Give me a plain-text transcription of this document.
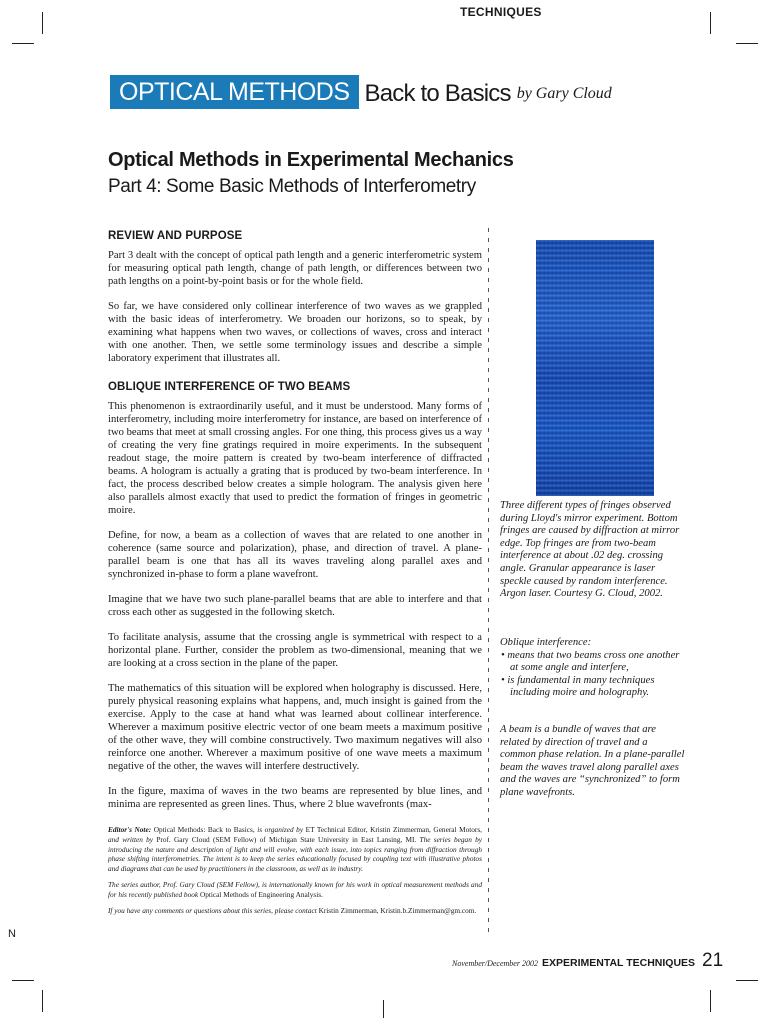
TECHNIQUES
OPTICAL METHODS Back to Basics by Gary Cloud
Optical Methods in Experimental Mechanics
Part 4: Some Basic Methods of Interferometry
REVIEW AND PURPOSE

Part 3 dealt with the concept of optical path length and a generic interferometric system for measuring optical path length, change of path length, or differences between two path lengths on a point-by-point basis or for the whole field.

So far, we have considered only collinear interference of two waves as we grappled with the basic ideas of interferometry. We broaden our horizons, so to speak, by examining what happens when two waves, or collections of waves, cross and interact with one another. Then, we settle some terminology issues and describe a simple laboratory experiment that illustrates all.

OBLIQUE INTERFERENCE OF TWO BEAMS

This phenomenon is extraordinarily useful, and it must be understood. Many forms of interferometry, including moire interferometry for instance, are based on interference of two beams that meet at small crossing angles. For one thing, this process gives us a way of creating the very fine gratings required in moire experiments. In the subsequent readout stage, the moire pattern is created by two-beam interference of diffracted beams. A hologram is actually a grating that is produced by two-beam interference. In fact, the process described below creates a simple hologram. The analysis given here also parallels almost exactly that used to predict the formation of fringes in geometric moire.

Define, for now, a beam as a collection of waves that are related to one another in coherence (same source and polarization), phase, and direction of travel. A plane-parallel beam is one that has all its waves traveling along parallel axes and synchronized in-phase to form a plane wavefront.

Imagine that we have two such plane-parallel beams that are able to interfere and that cross each other as suggested in the following sketch.

To facilitate analysis, assume that the crossing angle is symmetrical with respect to a horizontal plane. Further, consider the problem as two-dimensional, meaning that we are looking at a cross section in the plane of the paper.

The mathematics of this situation will be explored when holography is discussed. Here, purely physical reasoning explains what happens, and, much insight is gained from the exercise. Apply to the case at hand what was learned about collinear interference. Wherever a maximum positive electric vector of one beam meets a maximum positive of the other wave, they will combine constructively. Two maximum negatives will also reinforce one another. Wherever a maximum positive of one wave meets a maximum negative of the other, the waves will interfere destructively.

In the figure, maxima of waves in the two beams are represented by blue lines, and minima are represented as green lines. Thus, where 2 blue wavefronts (max-

Three different types of fringes observed during Lloyd's mirror experiment. Bottom fringes are caused by diffraction at mirror edge. Top fringes are from two-beam interference at about .02 deg. crossing angle. Granular appearance is laser speckle caused by random interference. Argon laser. Courtesy G. Cloud, 2002.
Oblique interference:
• means that two beams cross one another at some angle and interfere,
• is fundamental in many techniques including moire and holography.
A beam is a bundle of waves that are related by direction of travel and a common phase relation. In a plane-parallel beam the waves travel along parallel axes and the waves are “synchronized” to form plane wavefronts.

Editor's Note: Optical Methods: Back to Basics, is organized by ET Technical Editor, Kristin Zimmerman, General Motors, and written by Prof. Gary Cloud (SEM Fellow) of Michigan State University in East Lansing, MI. The series began by introducing the nature and description of light and will evolve, with each issue, into topics ranging from diffraction through phase shifting interferometries. The intent is to keep the series educationally focused by coupling text with illustrative photos and diagrams that can be used by practitioners in the classroom, as well as in industry.

The series author, Prof. Gary Cloud (SEM Fellow), is internationally known for his work in optical measurement methods and for his recently published book Optical Methods of Engineering Analysis.

If you have any comments or questions about this series, please contact Kristin Zimmerman, Kristin.b.Zimmerman@gm.com.

November/December 2002 EXPERIMENTAL TECHNIQUES 21
N
